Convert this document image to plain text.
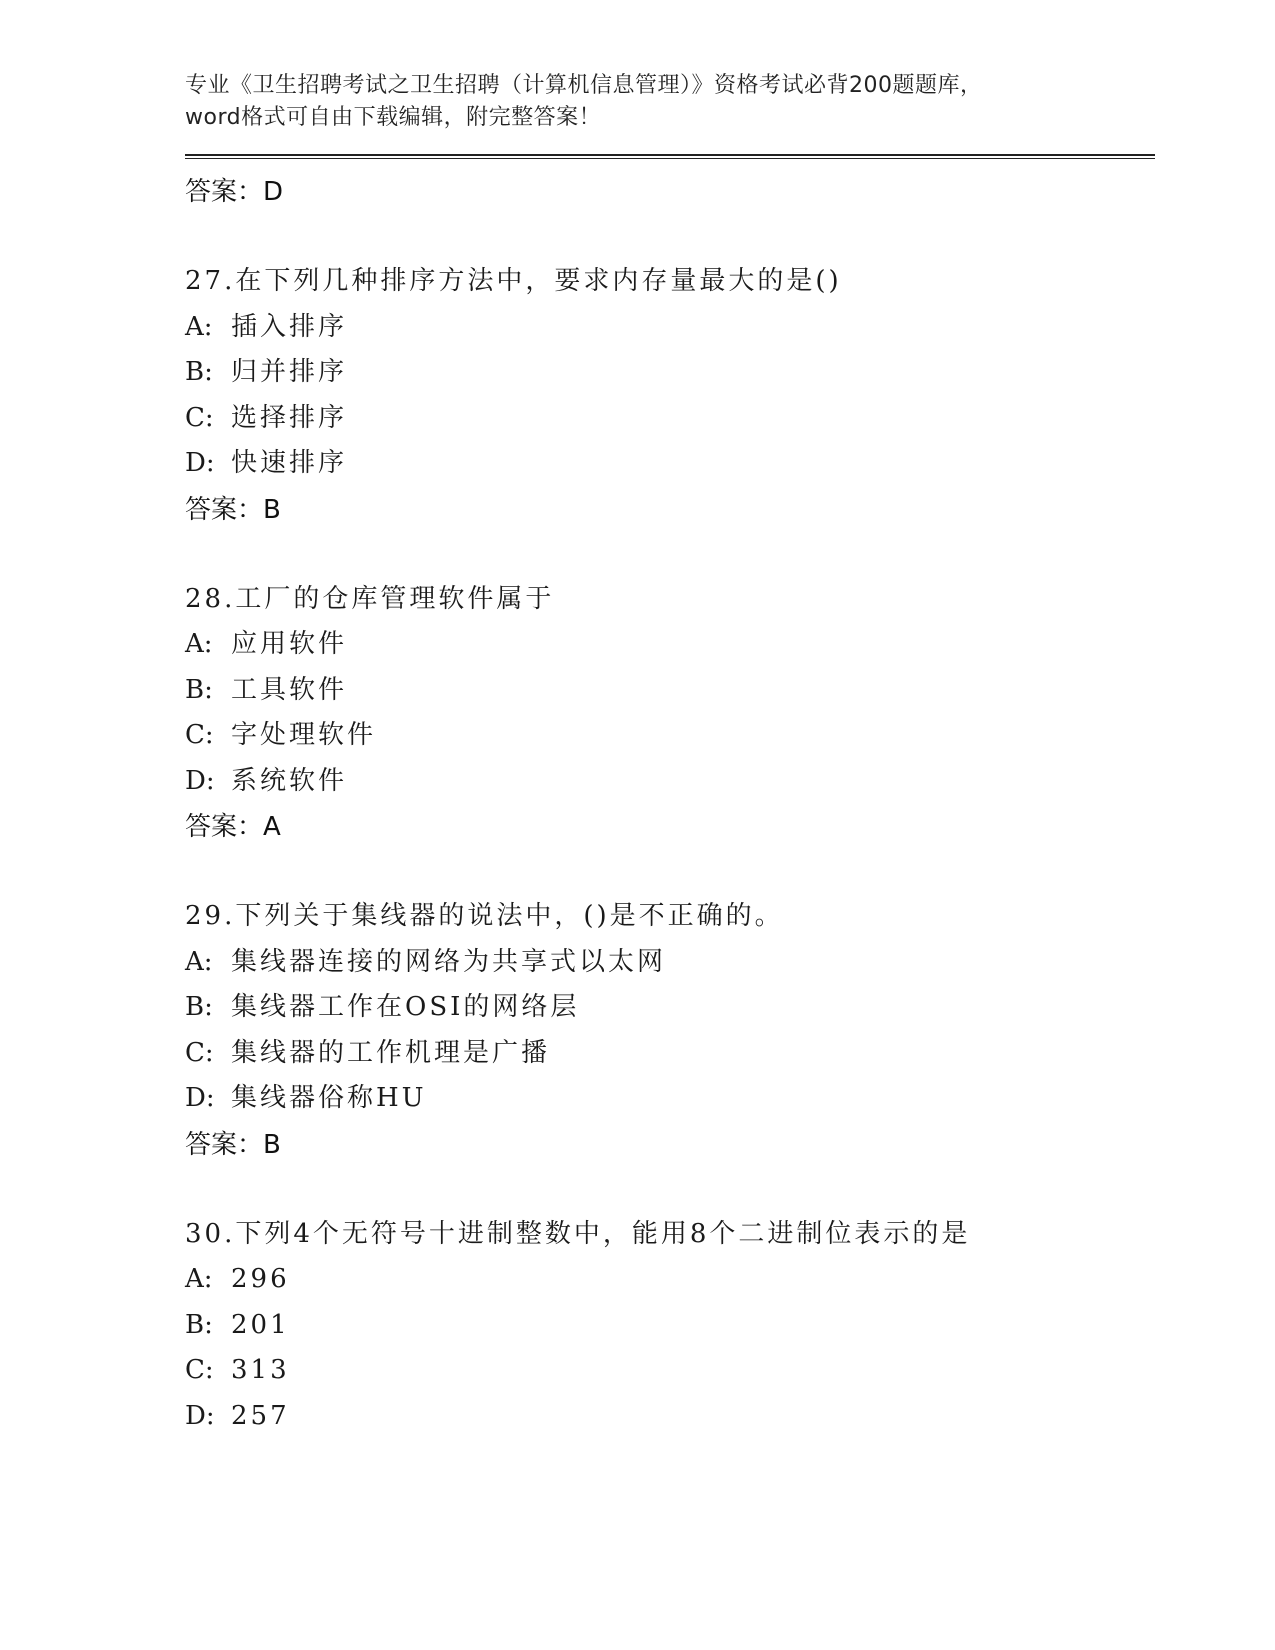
专业《卫生招聘考试之卫生招聘（计算机信息管理）》资格考试必背200题题库，
word格式可自由下载编辑，附完整答案！
答案：D
27.在下列几种排序方法中，要求内存量最大的是()
A: 插入排序
B: 归并排序
C: 选择排序
D: 快速排序
答案：B
28.工厂的仓库管理软件属于
A: 应用软件
B: 工具软件
C: 字处理软件
D: 系统软件
答案：A
29.下列关于集线器的说法中，()是不正确的。
A: 集线器连接的网络为共享式以太网
B: 集线器工作在OSI的网络层
C: 集线器的工作机理是广播
D: 集线器俗称HU
答案：B
30.下列4个无符号十进制整数中，能用8个二进制位表示的是
A: 296
B: 201
C: 313
D: 257
